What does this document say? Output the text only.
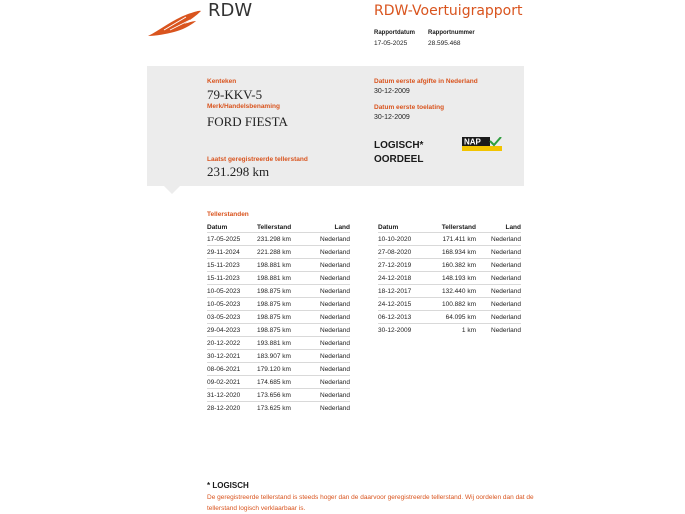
RDW	RDW-Voertuigrapport
Rapportdatum
17-05-2025
Rapportnummer
28.595.468
Kenteken
79-KKV-5
Merk/Handelsbenaming
FORD FIESTA
Laatst geregistreerde tellerstand
231.298 km
Datum eerste afgifte in Nederland
30-12-2009
Datum eerste toelating
30-12-2009
LOGISCH*
OORDEEL
NAP
Tellerstanden
Datum	Tellerstand	Land
17-05-2025	231.298 km	Nederland
29-11-2024	221.288 km	Nederland
15-11-2023	198.881 km	Nederland
15-11-2023	198.881 km	Nederland
10-05-2023	198.875 km	Nederland
10-05-2023	198.875 km	Nederland
03-05-2023	198.875 km	Nederland
29-04-2023	198.875 km	Nederland
20-12-2022	193.881 km	Nederland
30-12-2021	183.907 km	Nederland
08-06-2021	179.120 km	Nederland
09-02-2021	174.685 km	Nederland
31-12-2020	173.656 km	Nederland
28-12-2020	173.625 km	Nederland
Datum	Tellerstand	Land
10-10-2020	171.411 km	Nederland
27-08-2020	168.934 km	Nederland
27-12-2019	160.382 km	Nederland
24-12-2018	148.193 km	Nederland
18-12-2017	132.440 km	Nederland
24-12-2015	100.882 km	Nederland
06-12-2013	64.095 km	Nederland
30-12-2009	1 km	Nederland
* LOGISCH
De geregistreerde tellerstand is steeds hoger dan de daarvoor geregistreerde tellerstand. Wij oordelen dan dat de tellerstand logisch verklaarbaar is.
